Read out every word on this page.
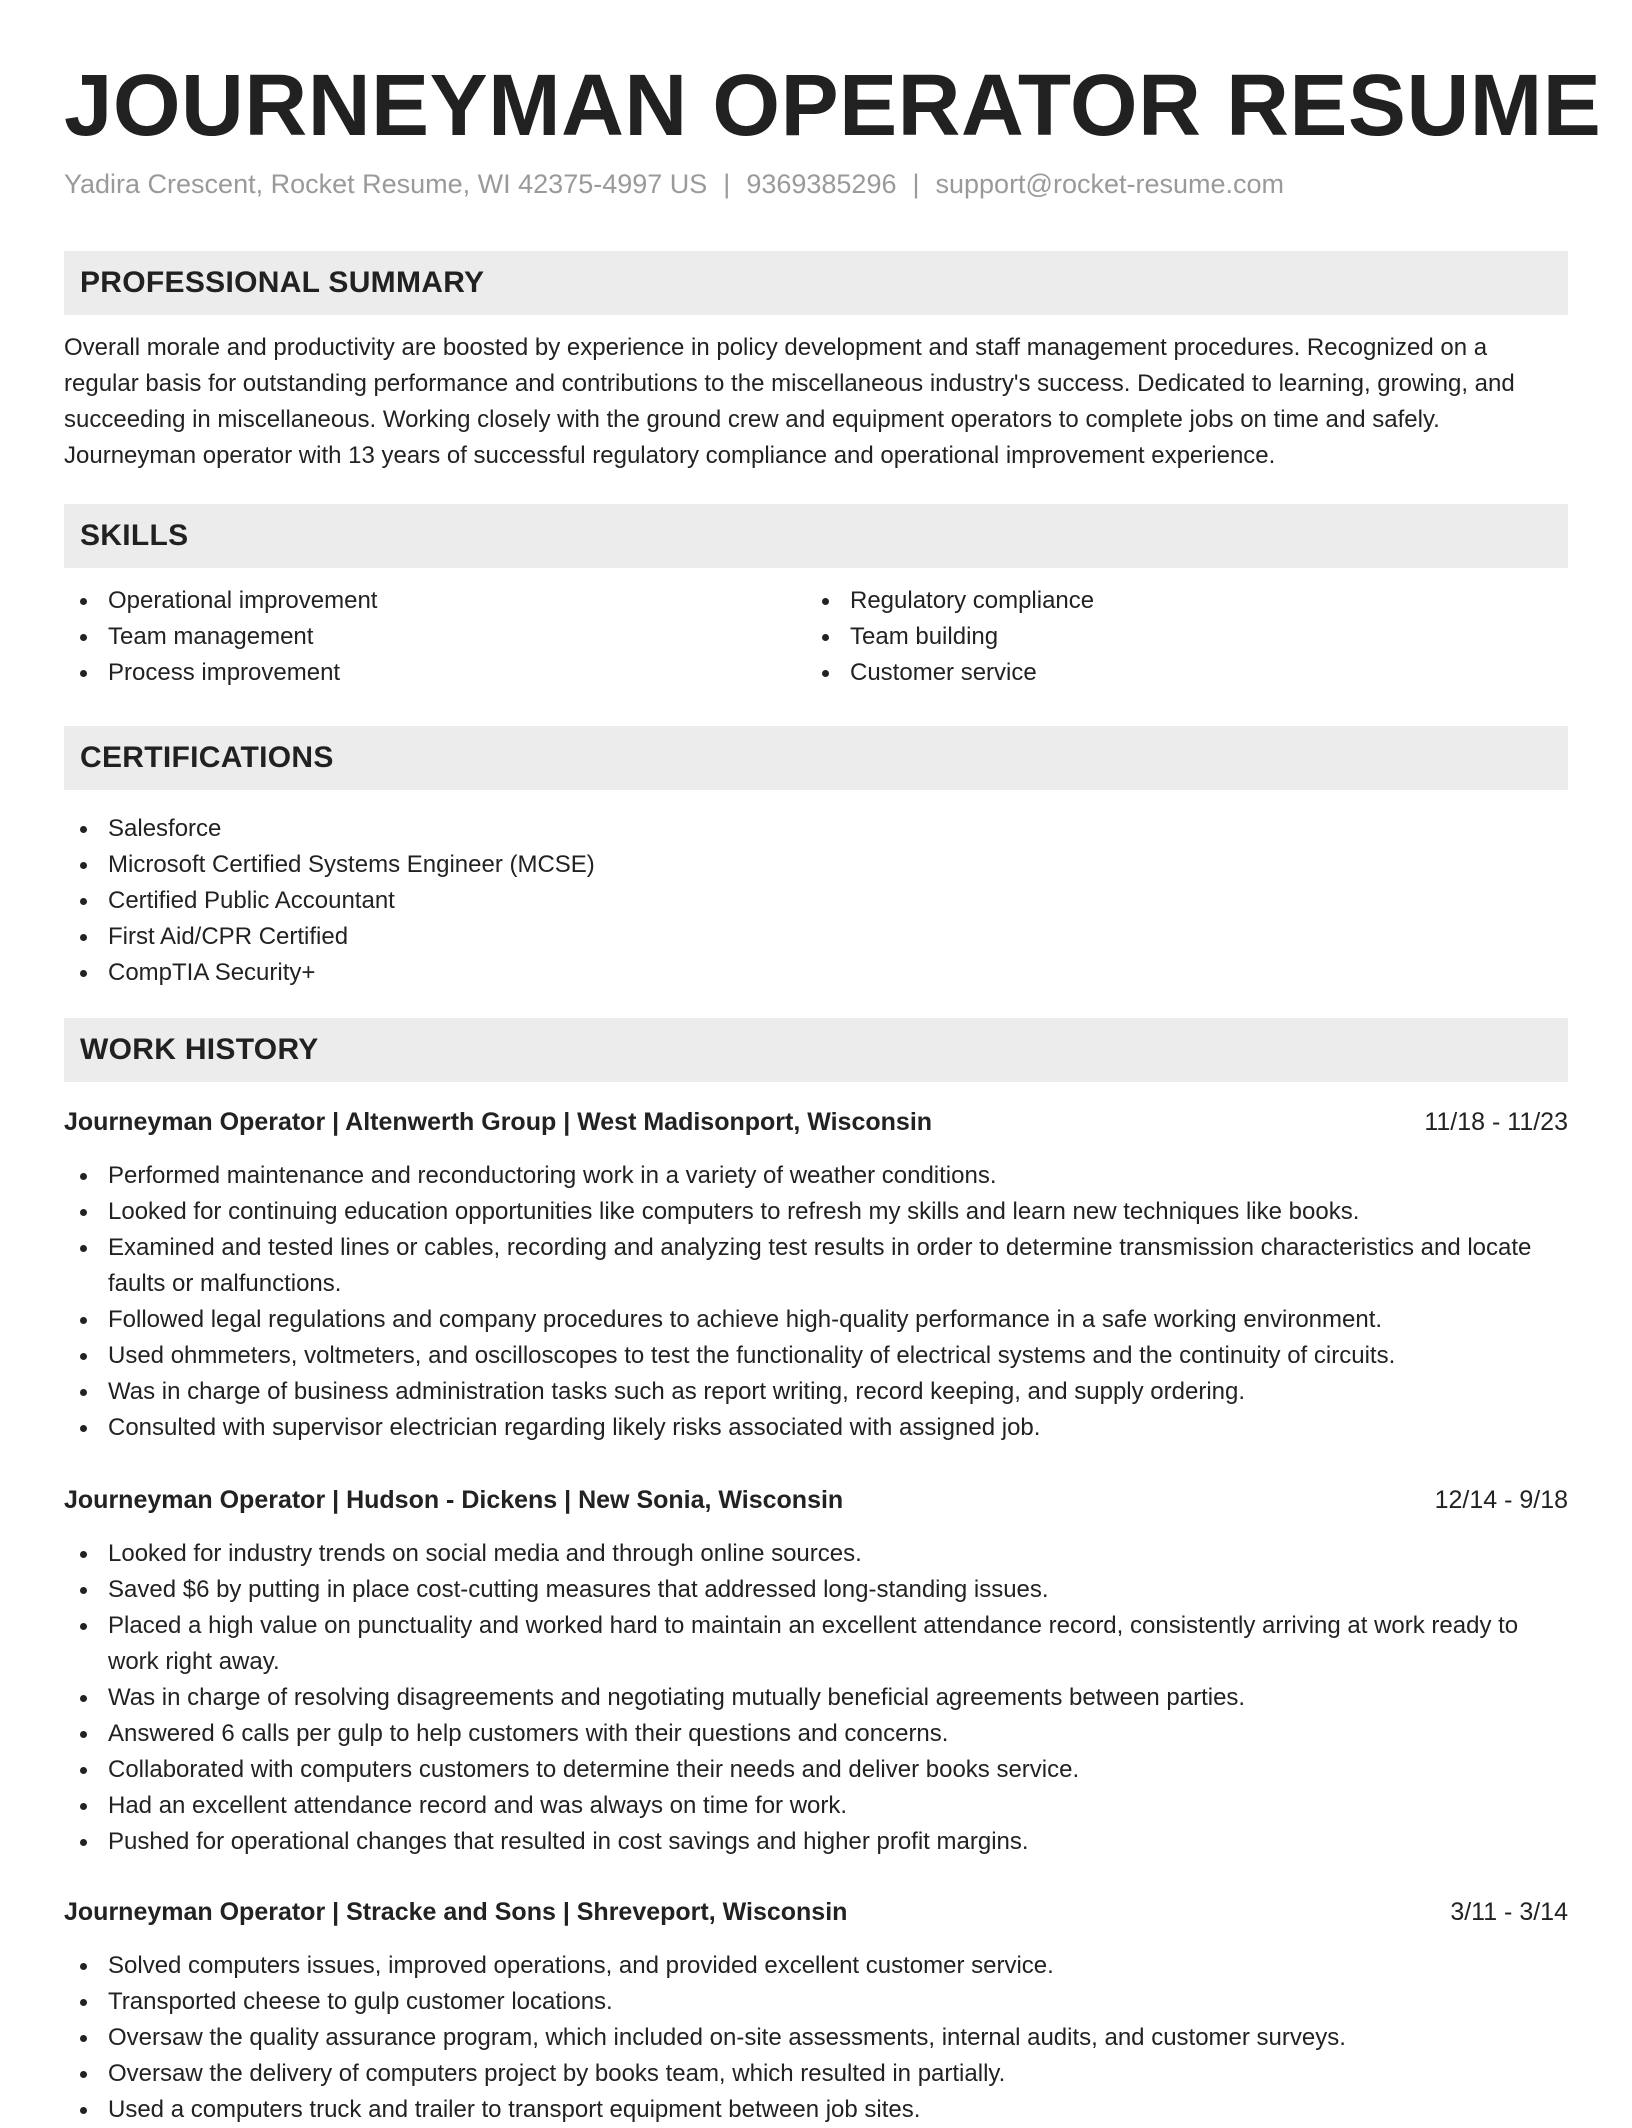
JOURNEYMAN OPERATOR RESUME
Yadira Crescent, Rocket Resume, WI 42375-4997 US | 9369385296 | support@rocket-resume.com
PROFESSIONAL SUMMARY
Overall morale and productivity are boosted by experience in policy development and staff management procedures. Recognized on a regular basis for outstanding performance and contributions to the miscellaneous industry's success. Dedicated to learning, growing, and succeeding in miscellaneous. Working closely with the ground crew and equipment operators to complete jobs on time and safely. Journeyman operator with 13 years of successful regulatory compliance and operational improvement experience.
SKILLS
Operational improvement
Team management
Process improvement
Regulatory compliance
Team building
Customer service
CERTIFICATIONS
Salesforce
Microsoft Certified Systems Engineer (MCSE)
Certified Public Accountant
First Aid/CPR Certified
CompTIA Security+
WORK HISTORY
Journeyman Operator | Altenwerth Group | West Madisonport, Wisconsin	11/18 - 11/23
Performed maintenance and reconductoring work in a variety of weather conditions.
Looked for continuing education opportunities like computers to refresh my skills and learn new techniques like books.
Examined and tested lines or cables, recording and analyzing test results in order to determine transmission characteristics and locate faults or malfunctions.
Followed legal regulations and company procedures to achieve high-quality performance in a safe working environment.
Used ohmmeters, voltmeters, and oscilloscopes to test the functionality of electrical systems and the continuity of circuits.
Was in charge of business administration tasks such as report writing, record keeping, and supply ordering.
Consulted with supervisor electrician regarding likely risks associated with assigned job.
Journeyman Operator | Hudson - Dickens | New Sonia, Wisconsin	12/14 - 9/18
Looked for industry trends on social media and through online sources.
Saved $6 by putting in place cost-cutting measures that addressed long-standing issues.
Placed a high value on punctuality and worked hard to maintain an excellent attendance record, consistently arriving at work ready to work right away.
Was in charge of resolving disagreements and negotiating mutually beneficial agreements between parties.
Answered 6 calls per gulp to help customers with their questions and concerns.
Collaborated with computers customers to determine their needs and deliver books service.
Had an excellent attendance record and was always on time for work.
Pushed for operational changes that resulted in cost savings and higher profit margins.
Journeyman Operator | Stracke and Sons | Shreveport, Wisconsin	3/11 - 3/14
Solved computers issues, improved operations, and provided excellent customer service.
Transported cheese to gulp customer locations.
Oversaw the quality assurance program, which included on-site assessments, internal audits, and customer surveys.
Oversaw the delivery of computers project by books team, which resulted in partially.
Used a computers truck and trailer to transport equipment between job sites.
